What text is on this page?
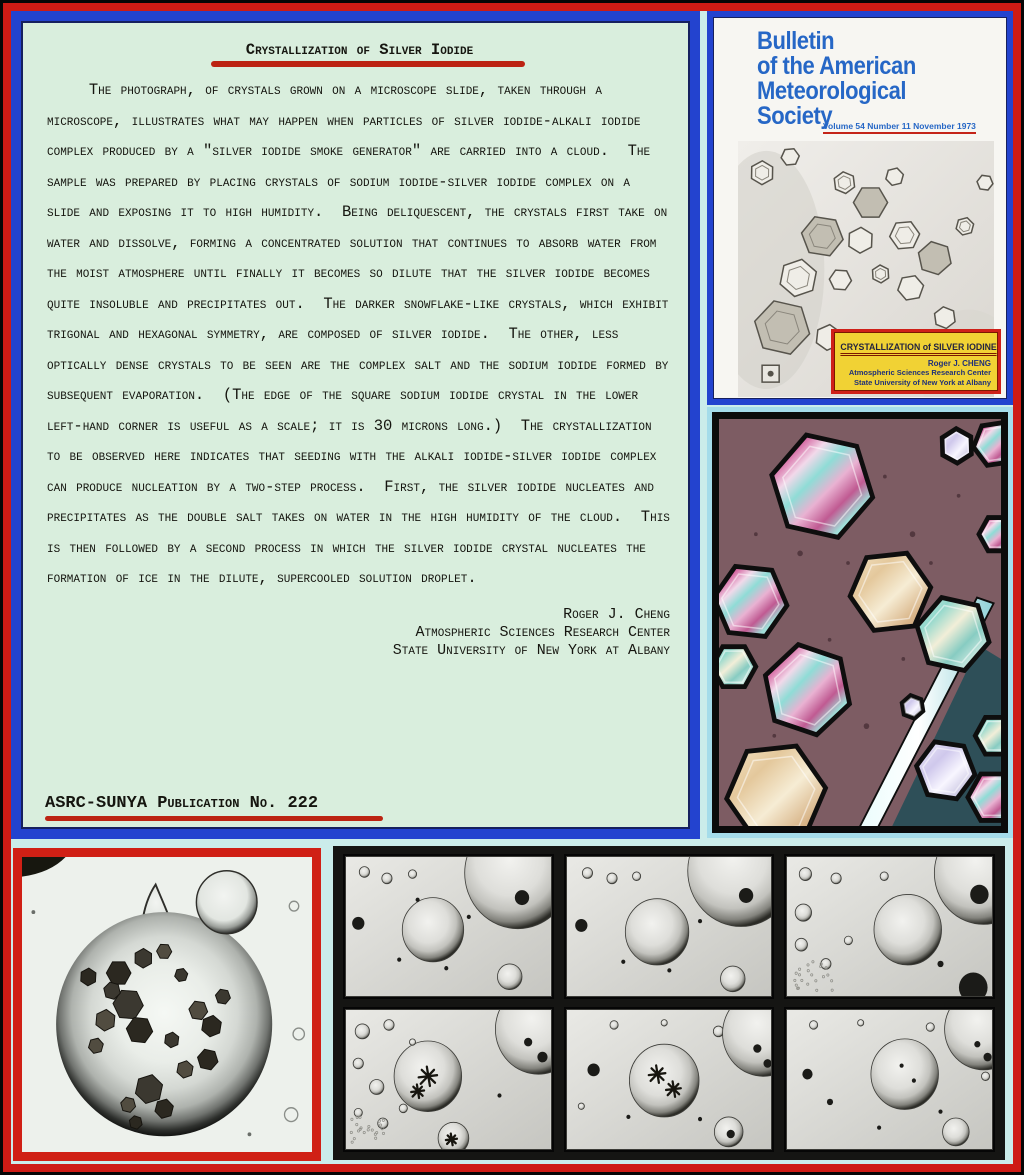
Crystallization of Silver Iodide

The photograph, of crystals grown on a microscope slide, taken through a microscope, illustrates what may happen when particles of silver iodide-alkali iodide complex produced by a "silver iodide smoke generator" are carried into a cloud.  The sample was prepared by placing crystals of sodium iodide-silver iodide complex on a slide and exposing it to high humidity.  Being deliquescent, the crystals first take on water and dissolve, forming a concentrated solution that continues to absorb water from the moist atmosphere until finally it becomes so dilute that the silver iodide becomes quite insoluble and precipitates out.  The darker snowflake-like crystals, which exhibit trigonal and hexagonal symmetry, are composed of silver iodide.  The other, less optically dense crystals to be seen are the complex salt and the sodium iodide formed by subsequent evaporation.  (The edge of the square sodium iodide crystal in the lower left-hand corner is useful as a scale; it is 30 microns long.)  The crystallization to be observed here indicates that seeding with the alkali iodide-silver iodide complex can produce nucleation by a two-step process.  First, the silver iodide nucleates and precipitates as the double salt takes on water in the high humidity of the cloud.  This is then followed by a second process in which the silver iodide crystal nucleates the formation of ice in the dilute, supercooled solution droplet.

Roger J. Cheng
Atmospheric Sciences Research Center
State University of New York at Albany
ASRC-SUNYA Publication No. 222
Bulletin
of the American
Meteorological
Society
Volume 54 Number 11 November 1973
CRYSTALLIZATION of SILVER IODINE
Roger J. CHENG
Atmospheric Sciences Research Center
State University of New York at Albany
